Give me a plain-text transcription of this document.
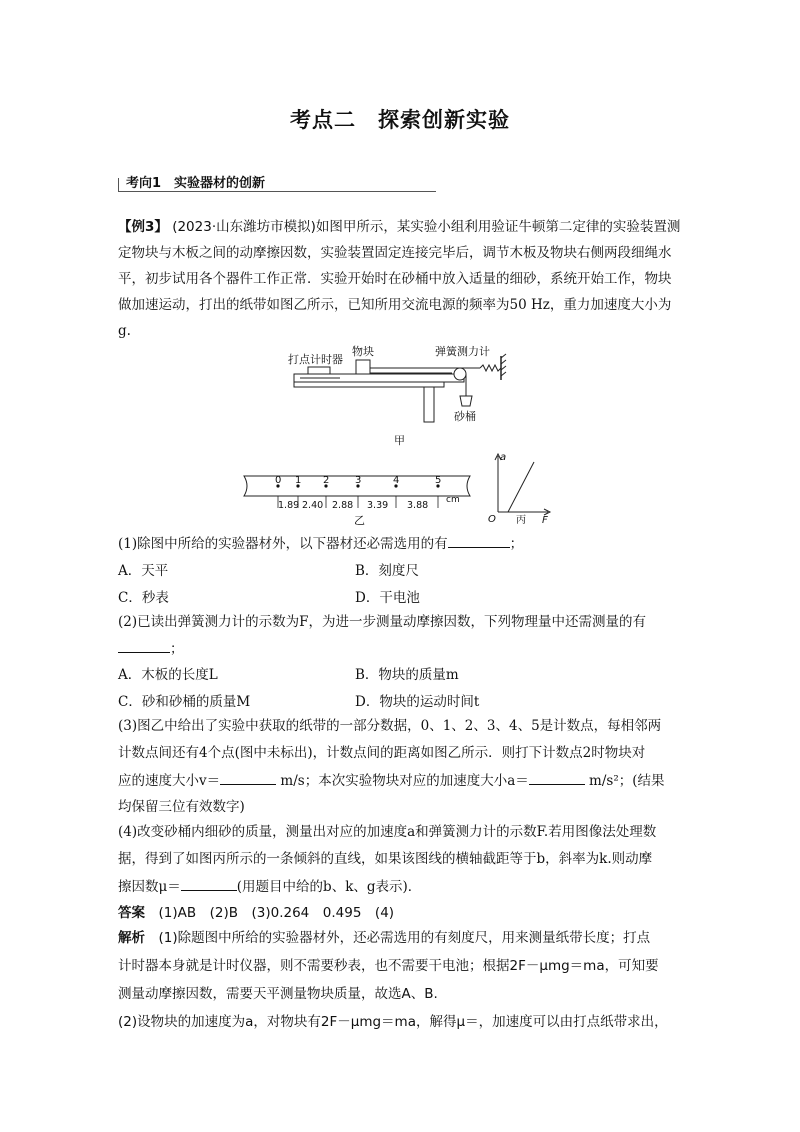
考点二　探索创新实验
考向1　实验器材的创新
【例3】 (2023·山东潍坊市模拟)如图甲所示，某实验小组利用验证牛顿第二定律的实验装置测定物块与木板之间的动摩擦因数，实验装置固定连接完毕后，调节木板及物块右侧两段细绳水平，初步试用各个器件工作正常．实验开始时在砂桶中放入适量的细砂，系统开始工作，物块做加速运动，打出的纸带如图乙所示，已知所用交流电源的频率为50 Hz，重力加速度大小为g.
打点计时器
物块	弹簧测力计
砂桶
甲
0 1 2	3	4	5
1.89 2.40 2.88 3.39 3.88 cm
乙
a
F
O 丙
(1)除图中所给的实验器材外，以下器材还必需选用的有	；
A．天平	B．刻度尺
C．秒表	D．干电池
(2)已读出弹簧测力计的示数为F，为进一步测量动摩擦因数，下列物理量中还需测量的有
；
A．木板的长度L	B．物块的质量m
C．砂和砂桶的质量M	D．物块的运动时间t
(3)图乙中给出了实验中获取的纸带的一部分数据，0、1、2、3、4、5是计数点，每相邻两
计数点间还有4个点(图中未标出)，计数点间的距离如图乙所示．则打下计数点2时物块对
应的速度大小v＝	m/s；本次实验物块对应的加速度大小a＝	m/s²；(结果
均保留三位有效数字)
(4)改变砂桶内细砂的质量，测量出对应的加速度a和弹簧测力计的示数F.若用图像法处理数
据，得到了如图丙所示的一条倾斜的直线，如果该图线的横轴截距等于b，斜率为k.则动摩
擦因数μ＝	(用题目中给的b、k、g表示)．
答案　(1)AB　(2)B　(3)0.264　0.495　(4)
解析　(1)除题图中所给的实验器材外，还必需选用的有刻度尺，用来测量纸带长度；打点
计时器本身就是计时仪器，则不需要秒表，也不需要干电池；根据2F－μmg＝ma，可知要
测量动摩擦因数，需要天平测量物块质量，故选A、B.
(2)设物块的加速度为a，对物块有2F－μmg＝ma，解得μ＝，加速度可以由打点纸带求出，
